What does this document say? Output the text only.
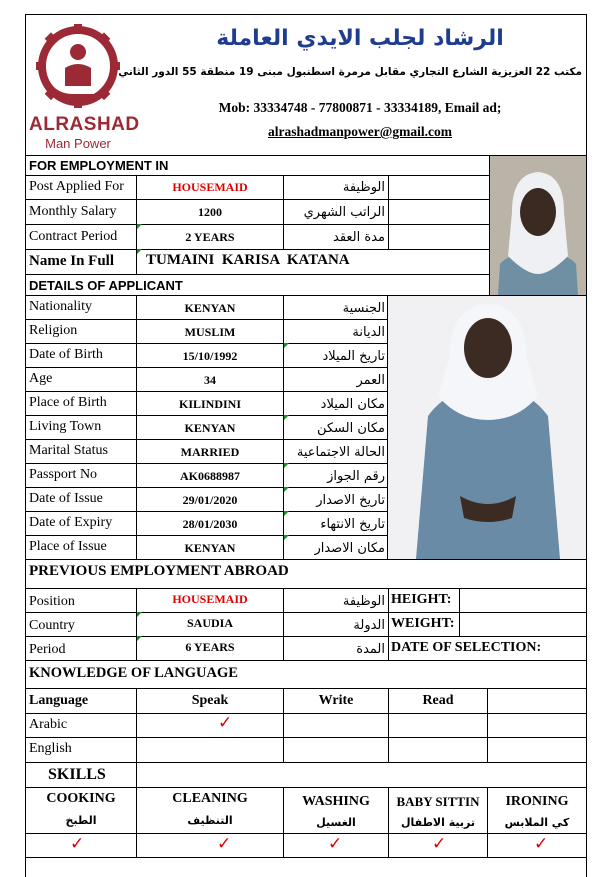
ALRASHAD
Man Power
الرشاد لجلب الايدي العاملة
مكتب 22 العزيزية الشارع التجاري مقابل مرمرة اسطنبول مبنى 19 منطقة 55 الدور الثاني
Mob: 33334748 - 77800871 - 33334189, Email ad;
alrashadmanpower@gmail.com
FOR EMPLOYMENT IN
Post Applied For	HOUSEMAID	الوظيفة
Monthly Salary	1200	الراتب الشهري
Contract Period	2 YEARS	مدة العقد
Name In Full TUMAINI  KARISA  KATANA
DETAILS OF APPLICANT
Nationality	KENYAN	الجنسية
Religion	MUSLIM	الديانة
Date of Birth	15/10/1992	تاريخ الميلاد
Age	34	العمر
Place of Birth	KILINDINI	مكان الميلاد
Living Town	KENYAN	مكان السكن
Marital Status	MARRIED	الحالة الاجتماعية
Passport No	AK0688987	رقم الجواز
Date of Issue	29/01/2020	تاريخ الاصدار
Date of Expiry	28/01/2030	تاريخ الانتهاء
Place of Issue	KENYAN	مكان الاصدار
PREVIOUS EMPLOYMENT ABROAD
Position	HOUSEMAID	الوظيفة HEIGHT:
Country	SAUDIA	الدولة WEIGHT:
Period	6 YEARS	المدة DATE OF SELECTION:
KNOWLEDGE OF LANGUAGE
Language	Speak	Write	Read
Arabic	✓
English
SKILLS
COOKING	CLEANING	WASHING	BABY SITTIN	IRONING
الطبخ	التنظيف	الغسيل	تربية الاطفال	كي الملابس
✓	✓	✓	✓	✓
